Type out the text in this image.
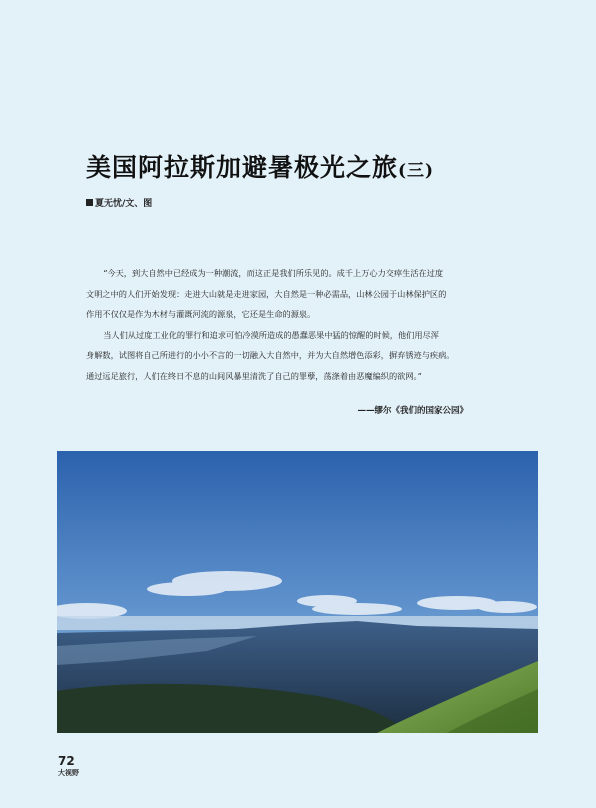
美国阿拉斯加避暑极光之旅(三)
夏无忧/文、图

“今天，到大自然中已经成为一种潮流，而这正是我们所乐见的。成千上万心力交瘁生活在过度
文明之中的人们开始发现：走进大山就是走进家园，大自然是一种必需品，山林公园于山林保护区的
作用不仅仅是作为木材与灌溉河流的源泉，它还是生命的源泉。

当人们从过度工业化的罪行和追求可怕冷漠所造成的愚蠢恶果中猛的惊醒的时候，他们用尽浑
身解数，试图将自己所进行的小小不言的一切融入大自然中，并为大自然增色添彩，摒弃锈迹与疾病。
通过远足旅行，人们在终日不息的山间风暴里清洗了自己的罪孽，荡涤着由恶魔编织的欲网。”

——缪尔《我们的国家公园》
72
大视野
